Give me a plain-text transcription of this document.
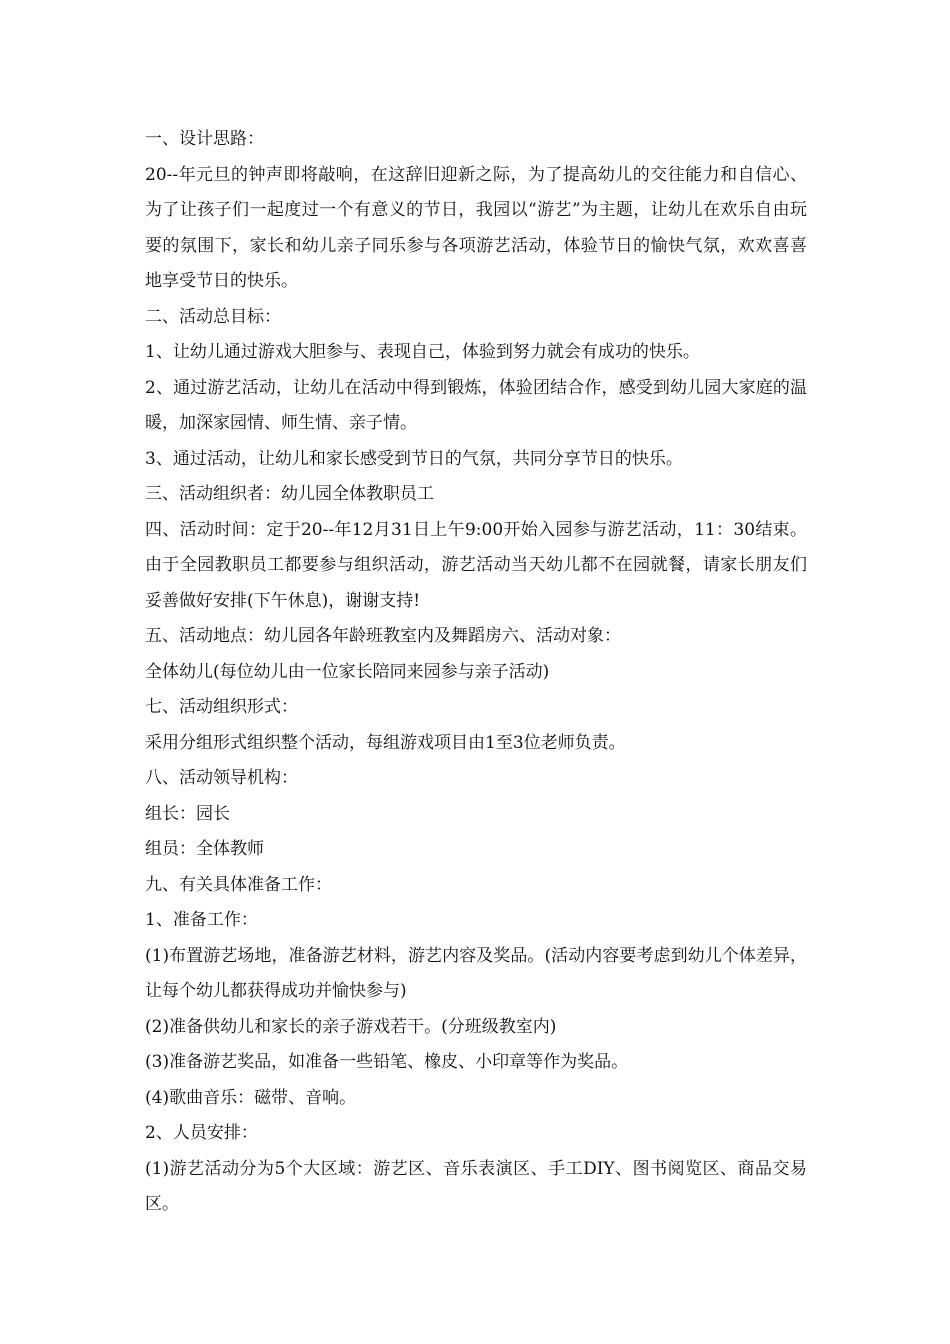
一、设计思路：

20--年元旦的钟声即将敲响，在这辞旧迎新之际，为了提高幼儿的交往能力和自信心、为了让孩子们一起度过一个有意义的节日，我园以“游艺”为主题，让幼儿在欢乐自由玩要的氛围下，家长和幼儿亲子同乐参与各项游艺活动，体验节日的愉快气氛，欢欢喜喜地享受节日的快乐。

二、活动总目标：

1、让幼儿通过游戏大胆参与、表现自己，体验到努力就会有成功的快乐。

2、通过游艺活动，让幼儿在活动中得到锻炼，体验团结合作，感受到幼儿园大家庭的温暖，加深家园情、师生情、亲子情。

3、通过活动，让幼儿和家长感受到节日的气氛，共同分享节日的快乐。

三、活动组织者：幼儿园全体教职员工

四、活动时间：定于20--年12月31日上午9:00开始入园参与游艺活动，11：30结束。由于全园教职员工都要参与组织活动，游艺活动当天幼儿都不在园就餐，请家长朋友们妥善做好安排(下午休息)，谢谢支持!

五、活动地点：幼儿园各年龄班教室内及舞蹈房六、活动对象：

全体幼儿(每位幼儿由一位家长陪同来园参与亲子活动)

七、活动组织形式：

采用分组形式组织整个活动，每组游戏项目由1至3位老师负责。

八、活动领导机构：

组长：园长

组员：全体教师

九、有关具体准备工作：

1、准备工作：

(1)布置游艺场地，准备游艺材料，游艺内容及奖品。(活动内容要考虑到幼儿个体差异，让每个幼儿都获得成功并愉快参与)

(2)准备供幼儿和家长的亲子游戏若干。(分班级教室内)

(3)准备游艺奖品，如准备一些铅笔、橡皮、小印章等作为奖品。

(4)歌曲音乐：磁带、音响。

2、人员安排：

(1)游艺活动分为5个大区域：游艺区、音乐表演区、手工DIY、图书阅览区、商品交易区。
